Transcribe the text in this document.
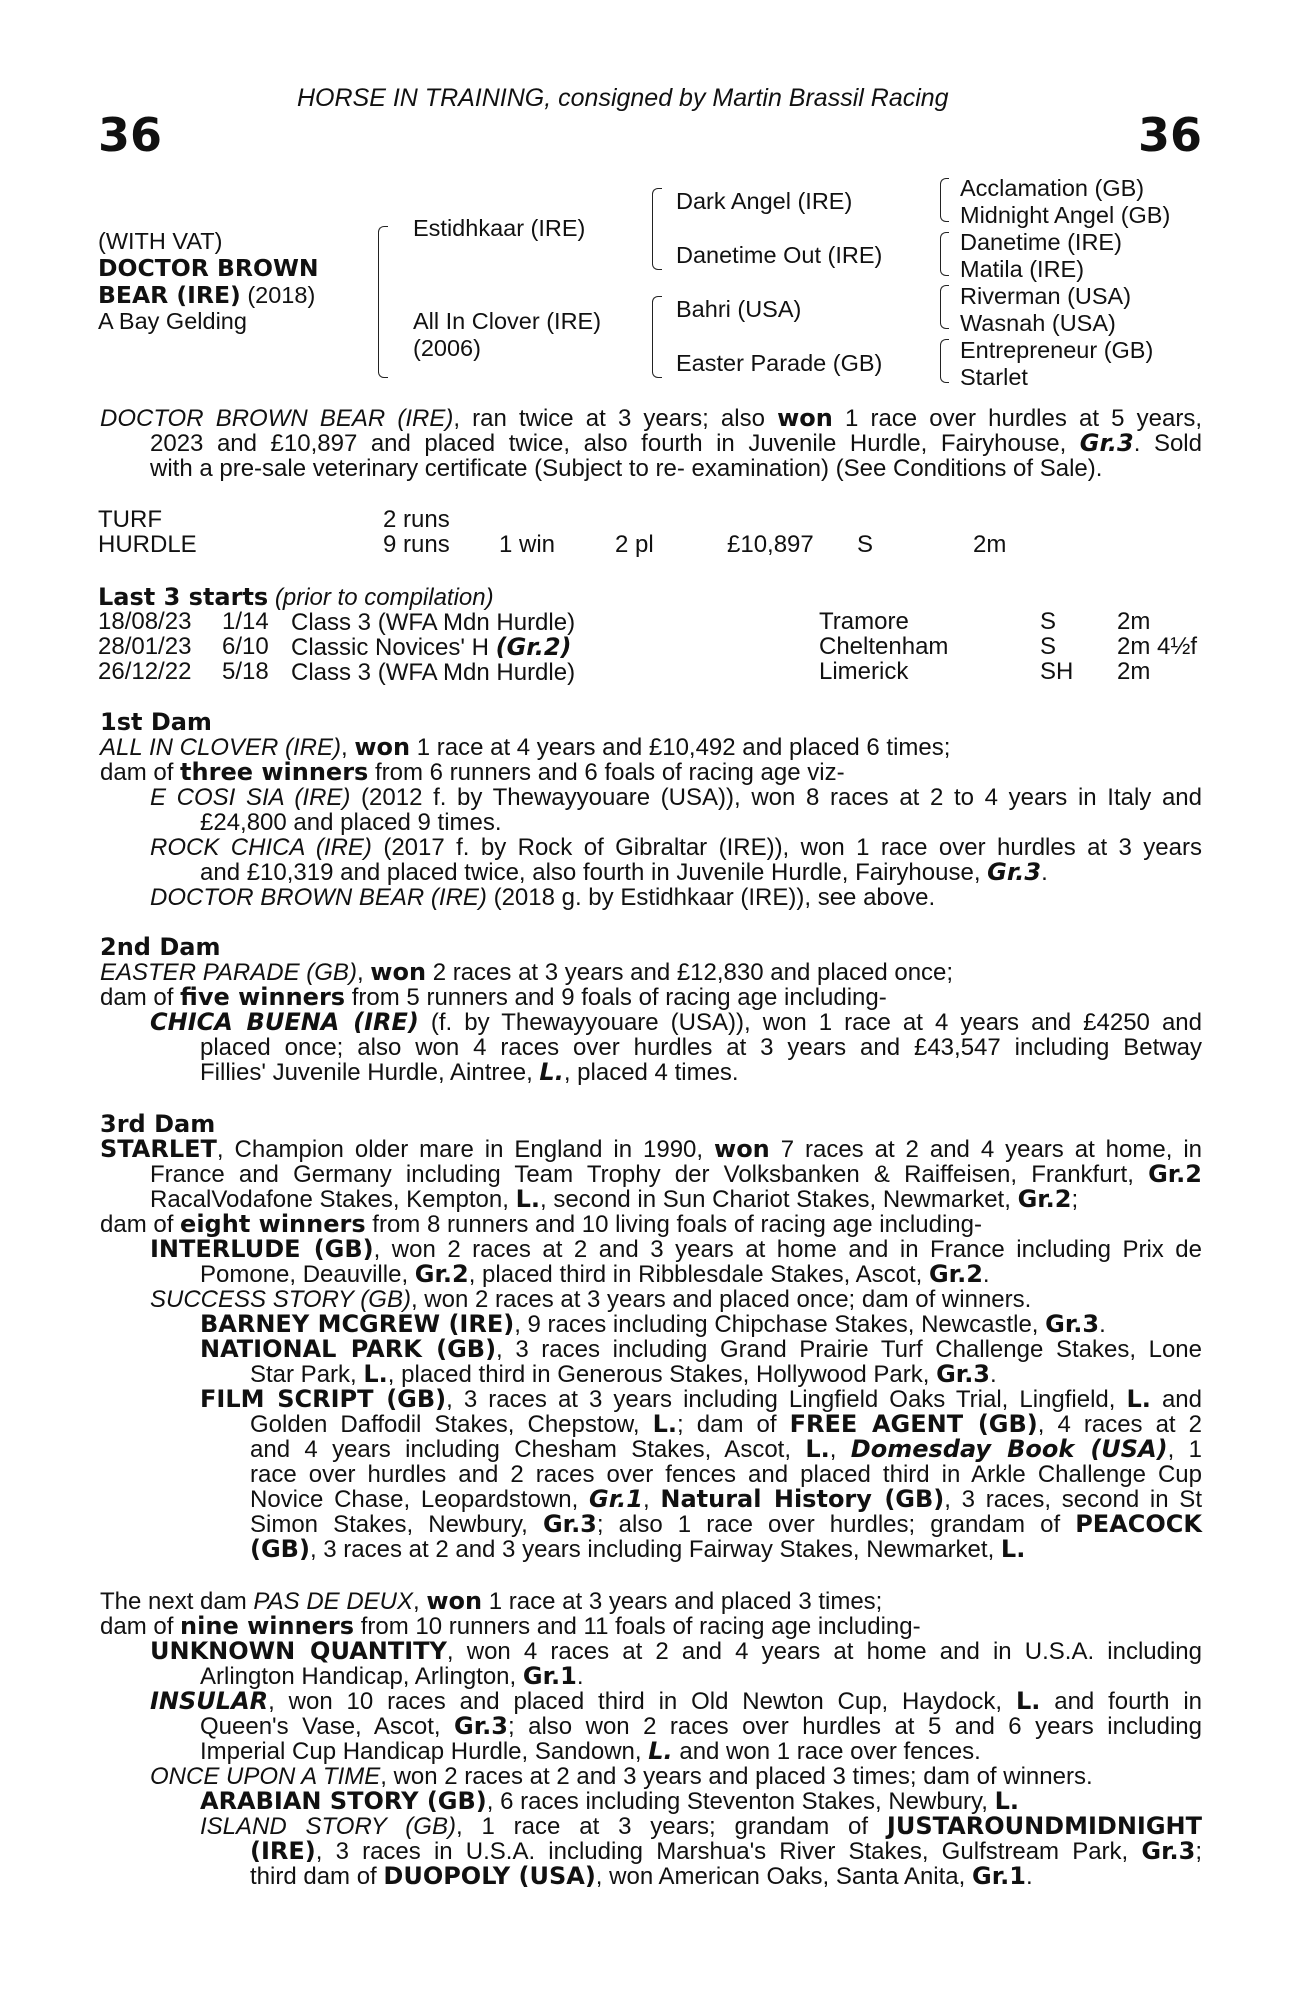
HORSE IN TRAINING, consigned by Martin Brassil Racing
36	36
(WITH VAT)
DOCTOR BROWN
BEAR (IRE) (2018)
A Bay Gelding
Estidhkaar (IRE)
All In Clover (IRE)
(2006)
Dark Angel (IRE)
Danetime Out (IRE)
Bahri (USA)
Easter Parade (GB)
Acclamation (GB)
Midnight Angel (GB)
Danetime (IRE)
Matila (IRE)
Riverman (USA)
Wasnah (USA)
Entrepreneur (GB)
Starlet
DOCTOR BROWN BEAR (IRE), ran twice at 3 years; also won 1 race over hurdles at 5 years,
2023 and £10,897 and placed twice, also fourth in Juvenile Hurdle, Fairyhouse, Gr.3. Sold
with a pre-sale veterinary certificate (Subject to re- examination) (See Conditions of Sale).
TURF	2 runs
HURDLE	9 runs 1 win 2 pl	£10,897 S	2m
Last 3 starts (prior to compilation)
18/08/23 1/14 Class 3 (WFA Mdn Hurdle)	Tramore	S	2m
28/01/23 6/10 Classic Novices' H (Gr.2)	Cheltenham	S	2m 4½f
26/12/22 5/18 Class 3 (WFA Mdn Hurdle)	Limerick	SH 2m
1st Dam
ALL IN CLOVER (IRE), won 1 race at 4 years and £10,492 and placed 6 times;
dam of three winners from 6 runners and 6 foals of racing age viz-
E COSI SIA (IRE) (2012 f. by Thewayyouare (USA)), won 8 races at 2 to 4 years in Italy and
£24,800 and placed 9 times.
ROCK CHICA (IRE) (2017 f. by Rock of Gibraltar (IRE)), won 1 race over hurdles at 3 years
and £10,319 and placed twice, also fourth in Juvenile Hurdle, Fairyhouse, Gr.3.
DOCTOR BROWN BEAR (IRE) (2018 g. by Estidhkaar (IRE)), see above.
2nd Dam
EASTER PARADE (GB), won 2 races at 3 years and £12,830 and placed once;
dam of five winners from 5 runners and 9 foals of racing age including-
CHICA BUENA (IRE) (f. by Thewayyouare (USA)), won 1 race at 4 years and £4250 and
placed once; also won 4 races over hurdles at 3 years and £43,547 including Betway
Fillies' Juvenile Hurdle, Aintree, L., placed 4 times.
3rd Dam
STARLET, Champion older mare in England in 1990, won 7 races at 2 and 4 years at home, in
France and Germany including Team Trophy der Volksbanken & Raiffeisen, Frankfurt, Gr.2
RacalVodafone Stakes, Kempton, L., second in Sun Chariot Stakes, Newmarket, Gr.2;
dam of eight winners from 8 runners and 10 living foals of racing age including-
INTERLUDE (GB), won 2 races at 2 and 3 years at home and in France including Prix de
Pomone, Deauville, Gr.2, placed third in Ribblesdale Stakes, Ascot, Gr.2.
SUCCESS STORY (GB), won 2 races at 3 years and placed once; dam of winners.
BARNEY MCGREW (IRE), 9 races including Chipchase Stakes, Newcastle, Gr.3.
NATIONAL PARK (GB), 3 races including Grand Prairie Turf Challenge Stakes, Lone
Star Park, L., placed third in Generous Stakes, Hollywood Park, Gr.3.
FILM SCRIPT (GB), 3 races at 3 years including Lingfield Oaks Trial, Lingfield, L. and
Golden Daffodil Stakes, Chepstow, L.; dam of FREE AGENT (GB), 4 races at 2
and 4 years including Chesham Stakes, Ascot, L., Domesday Book (USA), 1
race over hurdles and 2 races over fences and placed third in Arkle Challenge Cup
Novice Chase, Leopardstown, Gr.1, Natural History (GB), 3 races, second in St
Simon Stakes, Newbury, Gr.3; also 1 race over hurdles; grandam of PEACOCK
(GB), 3 races at 2 and 3 years including Fairway Stakes, Newmarket, L.
The next dam PAS DE DEUX, won 1 race at 3 years and placed 3 times;
dam of nine winners from 10 runners and 11 foals of racing age including-
UNKNOWN QUANTITY, won 4 races at 2 and 4 years at home and in U.S.A. including
Arlington Handicap, Arlington, Gr.1.
INSULAR, won 10 races and placed third in Old Newton Cup, Haydock, L. and fourth in
Queen's Vase, Ascot, Gr.3; also won 2 races over hurdles at 5 and 6 years including
Imperial Cup Handicap Hurdle, Sandown, L. and won 1 race over fences.
ONCE UPON A TIME, won 2 races at 2 and 3 years and placed 3 times; dam of winners.
ARABIAN STORY (GB), 6 races including Steventon Stakes, Newbury, L.
ISLAND STORY (GB), 1 race at 3 years; grandam of JUSTAROUNDMIDNIGHT
(IRE), 3 races in U.S.A. including Marshua's River Stakes, Gulfstream Park, Gr.3;
third dam of DUOPOLY (USA), won American Oaks, Santa Anita, Gr.1.
